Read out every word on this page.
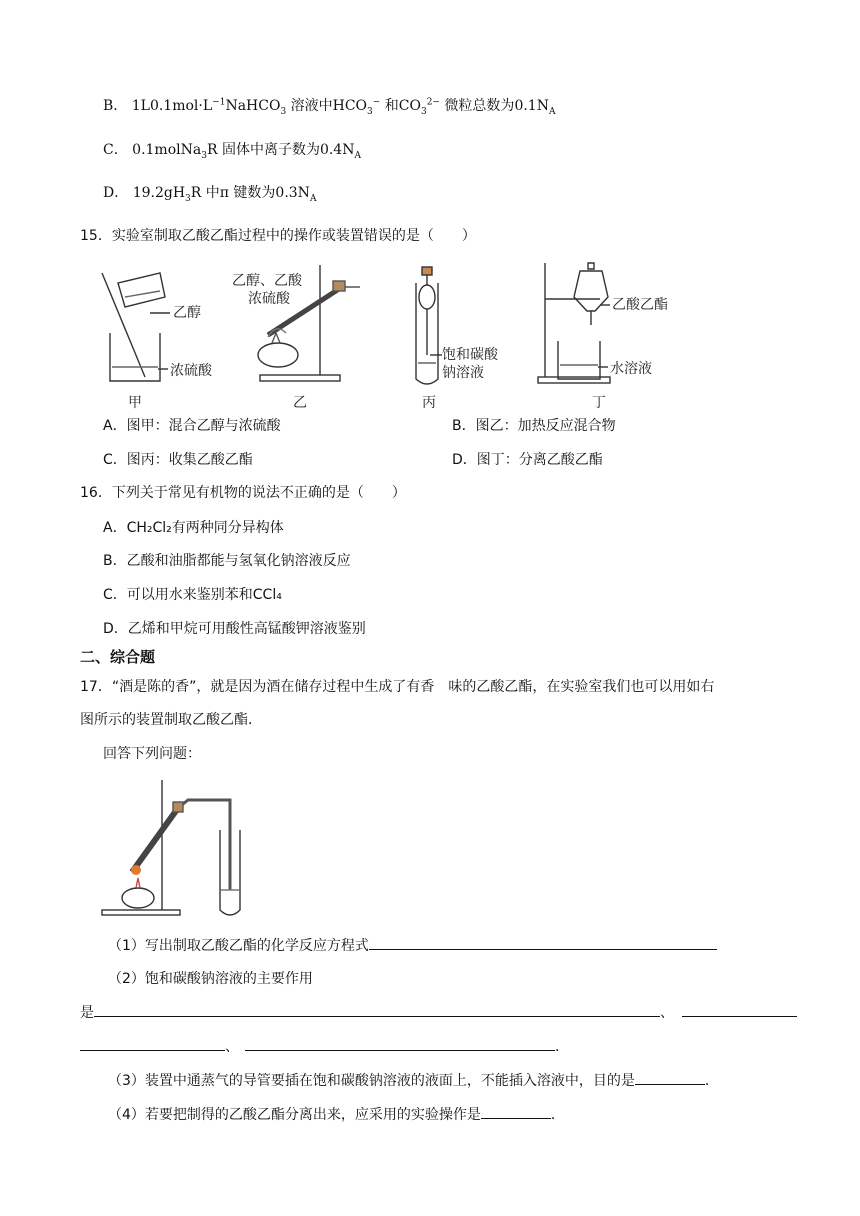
B． $1L0.1mol\cdot L^{-1}NaHCO_3$ 溶液中$HCO_3^-$ 和$CO_3^{2-}$ 微粒总数为$0.1N_A$
C． 0.1molNa$_3$R 固体中离子数为$0.4N_A$
D． $19.2gH_3R$ 中π 键数为$0.3N_A$
15．实验室制取乙酸乙酯过程中的操作或装置错误的是（　　）
乙醇
浓硫酸
甲
乙醇、乙酸
浓硫酸
乙
饱和碳酸
钠溶液
丙
乙酸乙酯
水溶液
丁
A．图甲：混合乙醇与浓硫酸	B．图乙：加热反应混合物
C．图丙：收集乙酸乙酯	D．图丁：分离乙酸乙酯
16．下列关于常见有机物的说法不正确的是（　　）
A．CH₂Cl₂有两种同分异构体
B．乙酸和油脂都能与氢氧化钠溶液反应
C．可以用水来鉴别苯和CCl₄
D．乙烯和甲烷可用酸性高锰酸钾溶液鉴别
二、综合题
17．“酒是陈的香”，就是因为酒在储存过程中生成了有香　味的乙酸乙酯，在实验室我们也可以用如右
图所示的装置制取乙酸乙酯．
回答下列问题：
（1）写出制取乙酸乙酯的化学反应方程式
（2）饱和碳酸钠溶液的主要作用
是	、
、	．
（3）装置中通蒸气的导管要插在饱和碳酸钠溶液的液面上，不能插入溶液中，目的是	．
（4）若要把制得的乙酸乙酯分离出来，应采用的实验操作是	．
